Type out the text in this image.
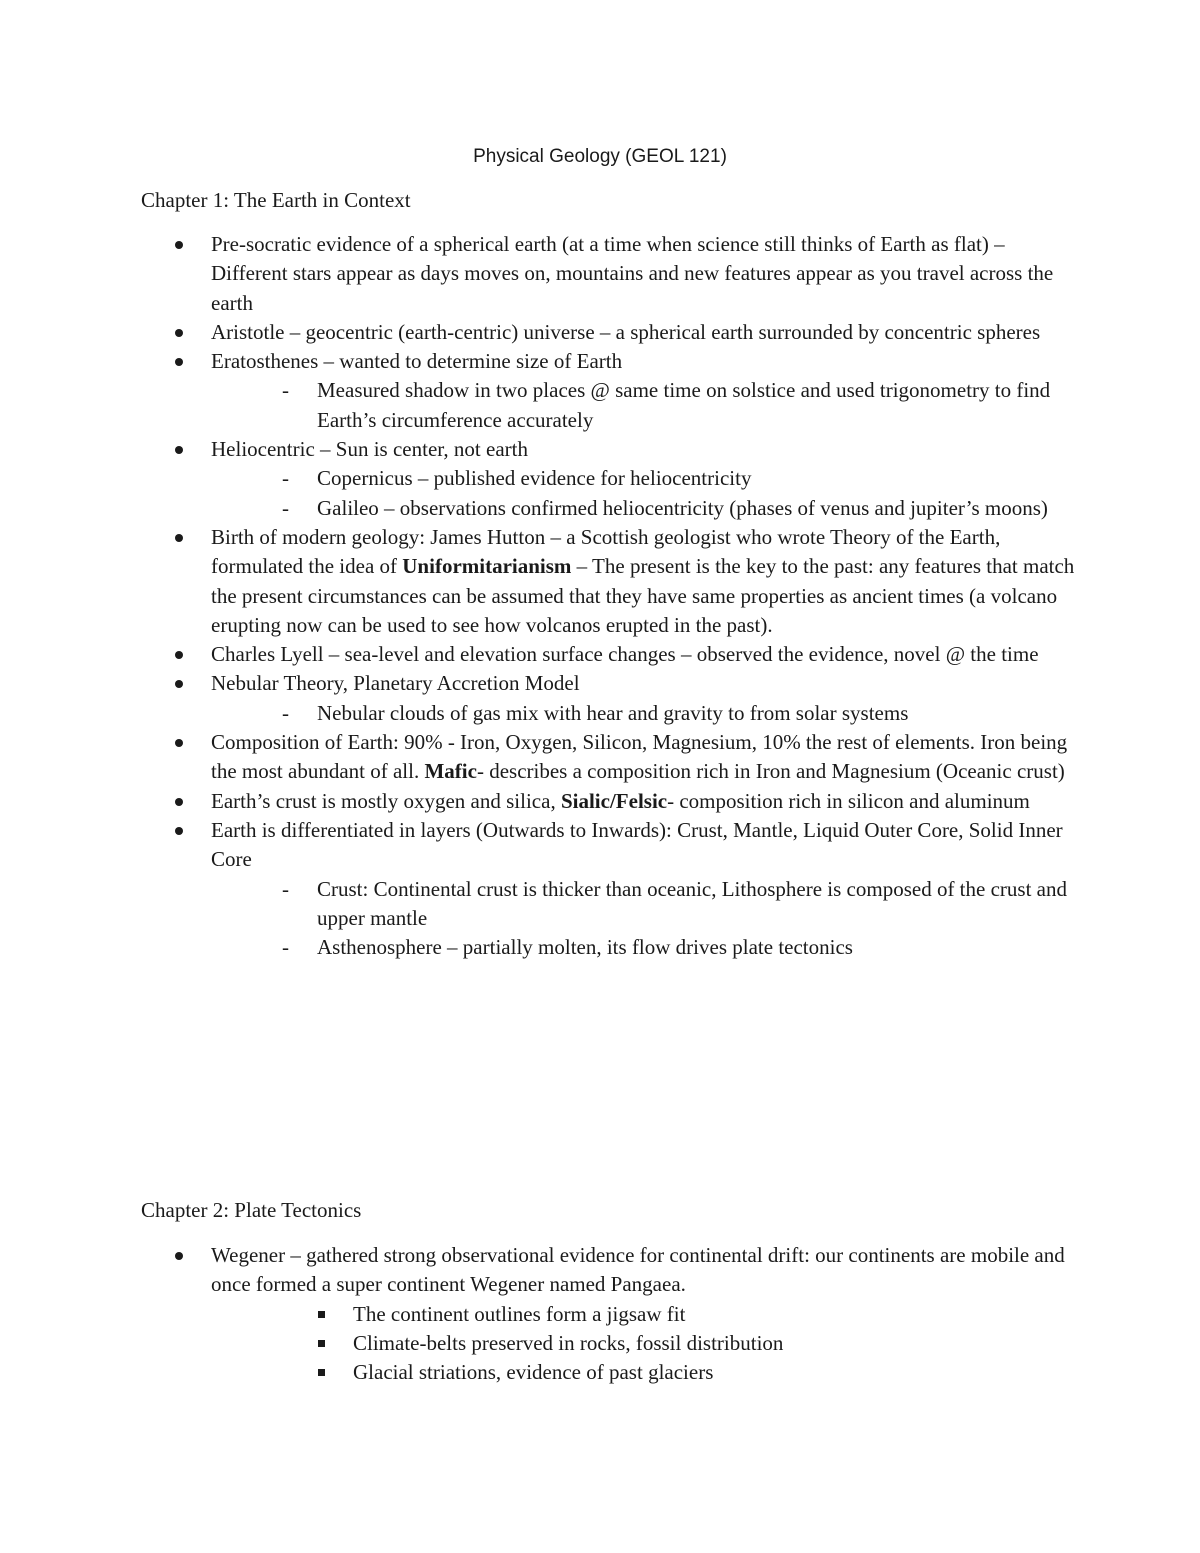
Physical Geology (GEOL 121)
Chapter 1: The Earth in Context
Pre-socratic evidence of a spherical earth (at a time when science still thinks of Earth as flat) – Different stars appear as days moves on, mountains and new features appear as you travel across the earth
Aristotle – geocentric (earth-centric) universe – a spherical earth surrounded by concentric spheres
Eratosthenes – wanted to determine size of Earth
- Measured shadow in two places @ same time on solstice and used trigonometry to find Earth’s circumference accurately
Heliocentric – Sun is center, not earth
- Copernicus – published evidence for heliocentricity
- Galileo – observations confirmed heliocentricity (phases of venus and jupiter’s moons)
Birth of modern geology: James Hutton – a Scottish geologist who wrote Theory of the Earth, formulated the idea of Uniformitarianism – The present is the key to the past: any features that match the present circumstances can be assumed that they have same properties as ancient times (a volcano erupting now can be used to see how volcanos erupted in the past).
Charles Lyell – sea-level and elevation surface changes – observed the evidence, novel @ the time
Nebular Theory, Planetary Accretion Model
- Nebular clouds of gas mix with hear and gravity to from solar systems
Composition of Earth: 90% - Iron, Oxygen, Silicon, Magnesium, 10% the rest of elements. Iron being the most abundant of all. Mafic- describes a composition rich in Iron and Magnesium (Oceanic crust)
Earth’s crust is mostly oxygen and silica, Sialic/Felsic- composition rich in silicon and aluminum
Earth is differentiated in layers (Outwards to Inwards): Crust, Mantle, Liquid Outer Core, Solid Inner Core
- Crust: Continental crust is thicker than oceanic, Lithosphere is composed of the crust and upper mantle
- Asthenosphere – partially molten, its flow drives plate tectonics
Chapter 2: Plate Tectonics
Wegener – gathered strong observational evidence for continental drift: our continents are mobile and once formed a super continent Wegener named Pangaea.
The continent outlines form a jigsaw fit
Climate-belts preserved in rocks, fossil distribution
Glacial striations, evidence of past glaciers
